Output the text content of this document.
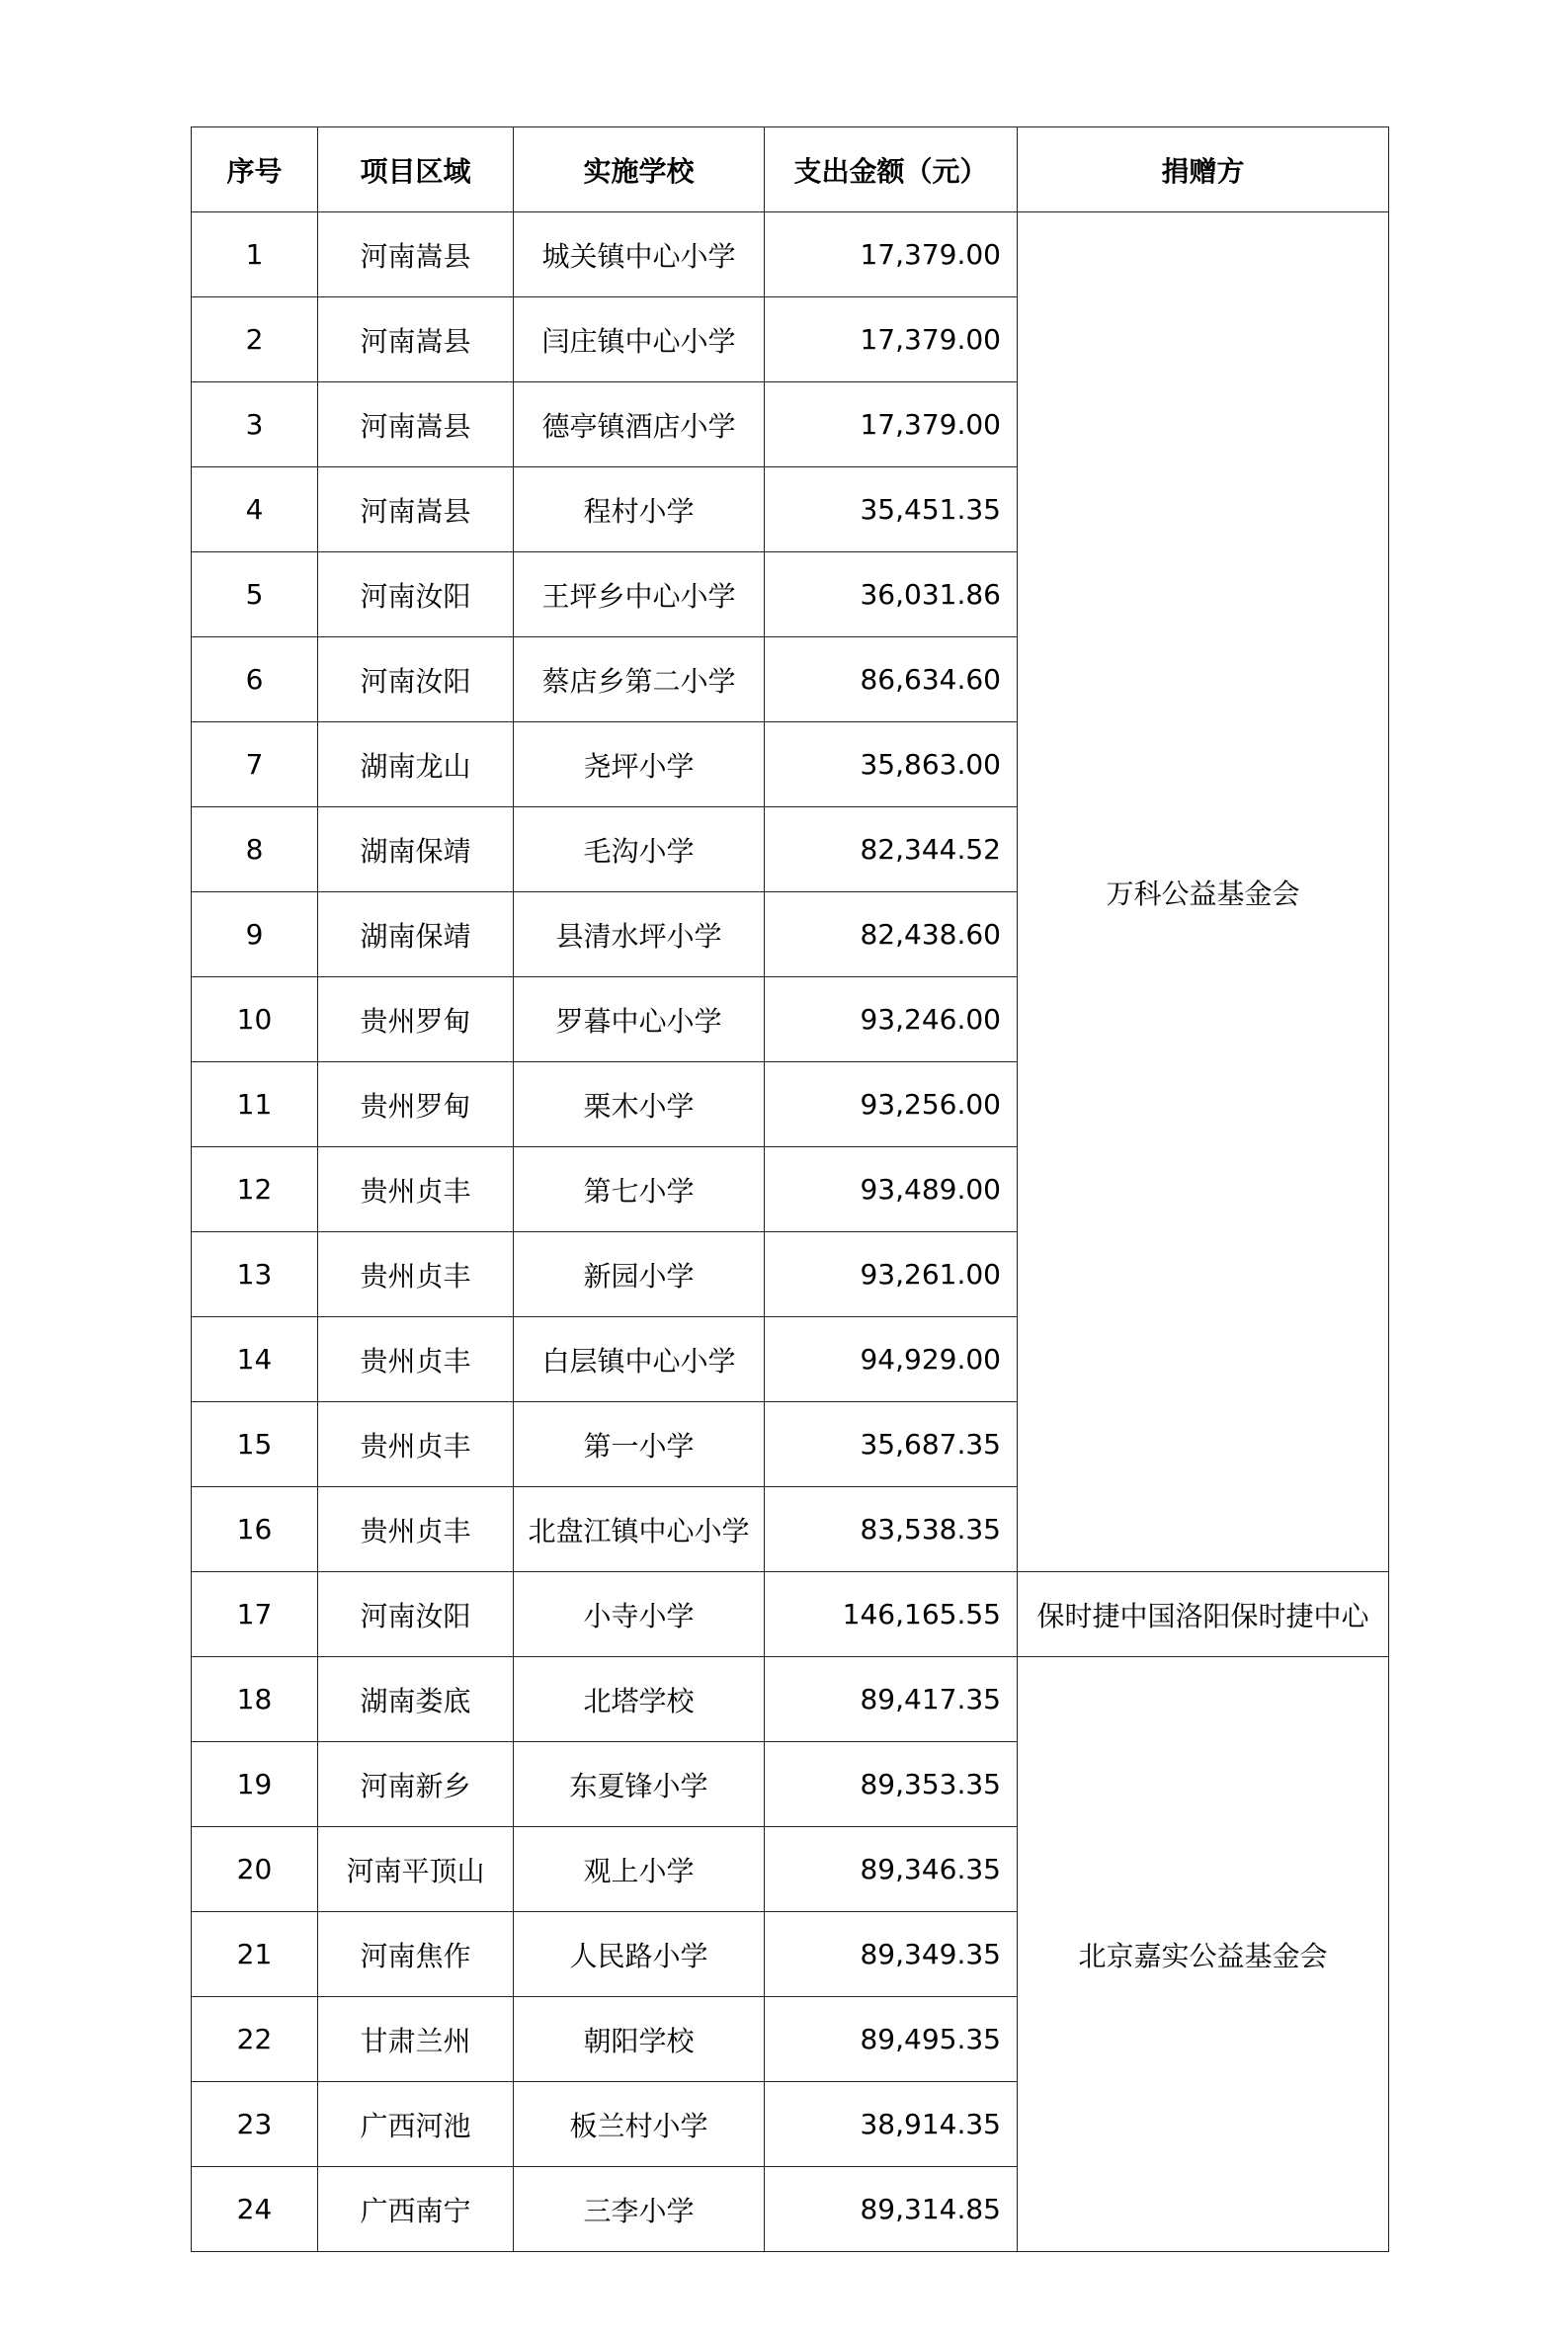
序号	项目区域	实施学校	支出金额（元）	捐赠方
1	河南嵩县	城关镇中心小学	17,379.00	万科公益基金会
2	河南嵩县	闫庄镇中心小学	17,379.00	
3	河南嵩县	德亭镇酒店小学	17,379.00	
4	河南嵩县	程村小学	35,451.35	
5	河南汝阳	王坪乡中心小学	36,031.86	
6	河南汝阳	蔡店乡第二小学	86,634.60	
7	湖南龙山	尧坪小学	35,863.00	
8	湖南保靖	毛沟小学	82,344.52	
9	湖南保靖	县清水坪小学	82,438.60	
10	贵州罗甸	罗暮中心小学	93,246.00	
11	贵州罗甸	栗木小学	93,256.00	
12	贵州贞丰	第七小学	93,489.00	
13	贵州贞丰	新园小学	93,261.00	
14	贵州贞丰	白层镇中心小学	94,929.00	
15	贵州贞丰	第一小学	35,687.35	
16	贵州贞丰	北盘江镇中心小学	83,538.35	
17	河南汝阳	小寺小学	146,165.55	保时捷中国洛阳保时捷中心
18	湖南娄底	北塔学校	89,417.35	北京嘉实公益基金会
19	河南新乡	东夏锋小学	89,353.35	
20	河南平顶山	观上小学	89,346.35	
21	河南焦作	人民路小学	89,349.35	
22	甘肃兰州	朝阳学校	89,495.35	
23	广西河池	板兰村小学	38,914.35	
24	广西南宁	三李小学	89,314.85	
